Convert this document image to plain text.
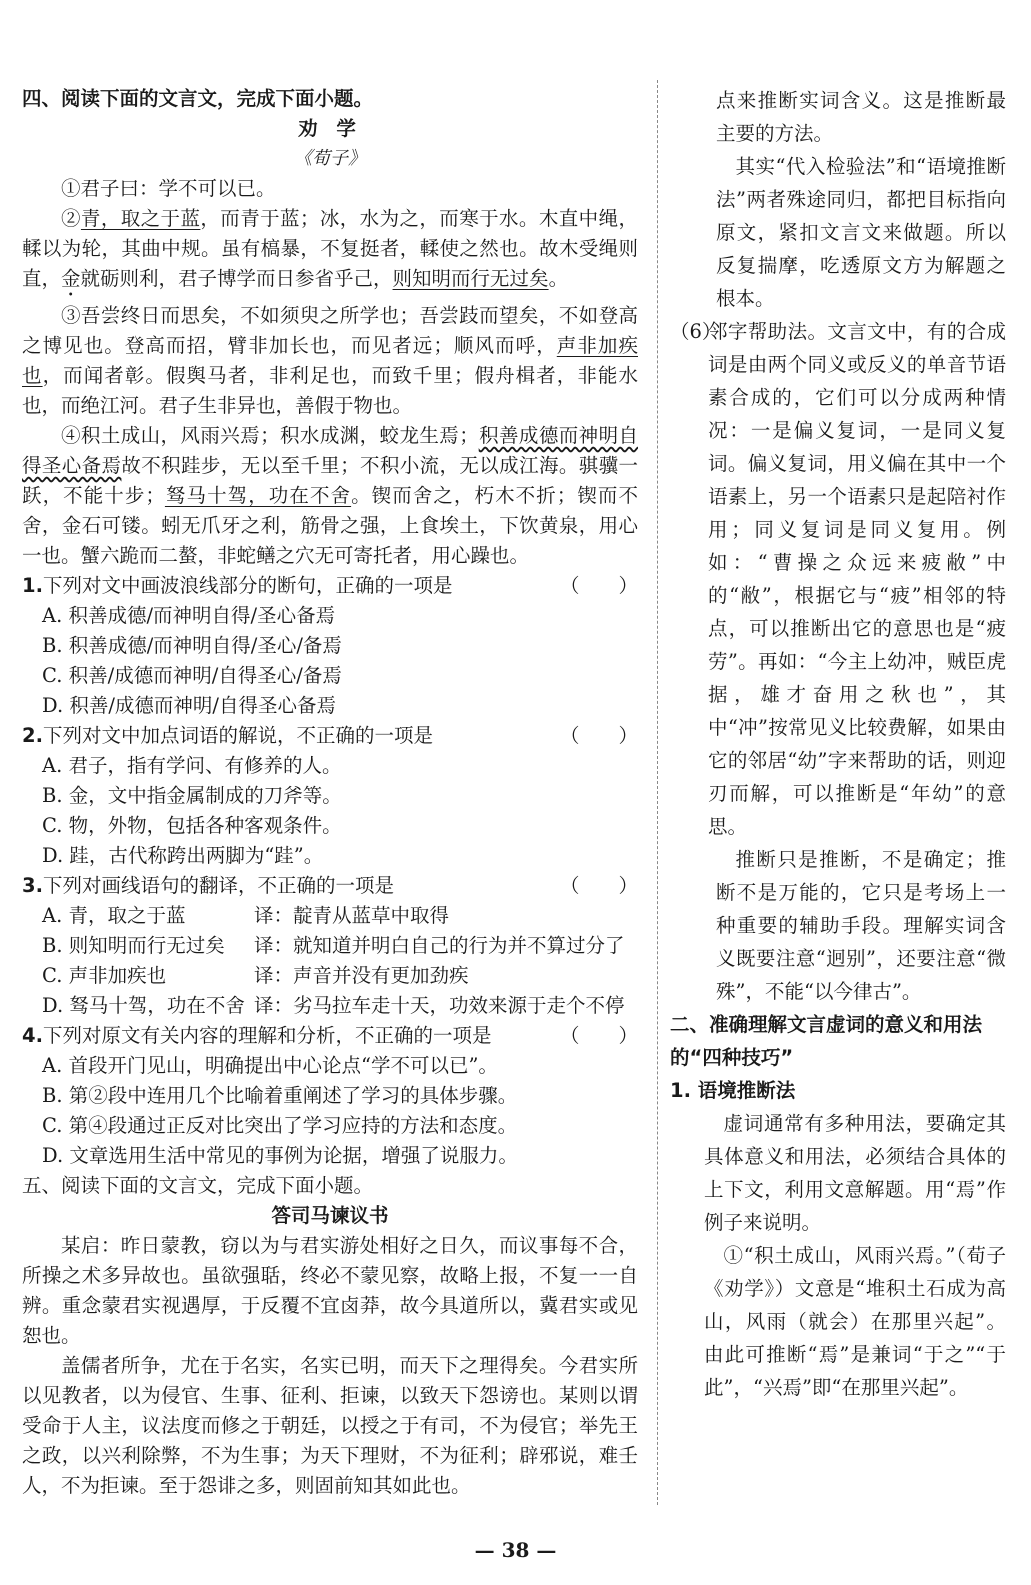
四、阅读下面的文言文，完成下面小题。

劝 学

《荀子》

①君子曰：学不可以已。

②青，取之于蓝，而青于蓝；冰，水为之，而寒于水。木直中绳，輮以为轮，其曲中规。虽有槁暴，不复挺者，輮使之然也。故木受绳则直，金就砺则利，君子博学而日参省乎己，则知明而行无过矣。

③吾尝终日而思矣，不如须臾之所学也；吾尝跂而望矣，不如登高之博见也。登高而招，臂非加长也，而见者远；顺风而呼，声非加疾也，而闻者彰。假舆马者，非利足也，而致千里；假舟楫者，非能水也，而绝江河。君子生非异也，善假于物也。

④积土成山，风雨兴焉；积水成渊，蛟龙生焉；积善成德而神明自得圣心备焉故不积跬步，无以至千里；不积小流，无以成江海。骐骥一跃，不能十步；驽马十驾，功在不舍。锲而舍之，朽木不折；锲而不舍，金石可镂。蚓无爪牙之利，筋骨之强，上食埃土，下饮黄泉，用心一也。蟹六跪而二螯，非蛇鳝之穴无可寄托者，用心躁也。

1.下列对文中画波浪线部分的断句，正确的一项是	（　　）

A. 积善成德/而神明自得/圣心备焉

B. 积善成德/而神明自得/圣心/备焉

C. 积善/成德而神明/自得圣心/备焉

D. 积善/成德而神明/自得圣心备焉

2.下列对文中加点词语的解说，不正确的一项是	（　　）

A. 君子，指有学问、有修养的人。

B. 金，文中指金属制成的刀斧等。

C. 物，外物，包括各种客观条件。

D. 跬，古代称跨出两脚为“跬”。

3.下列对画线语句的翻译，不正确的一项是	（　　）
A. 青，取之于蓝	译：靛青从蓝草中取得
B. 则知明而行无过矣	译：就知道并明白自己的行为并不算过分了
C. 声非加疾也	译：声音并没有更加劲疾
D. 驽马十驾，功在不舍 译：劣马拉车走十天，功效来源于走个不停
4.下列对原文有关内容的理解和分析，不正确的一项是	（　　）

A. 首段开门见山，明确提出中心论点“学不可以已”。

B. 第②段中连用几个比喻着重阐述了学习的具体步骤。

C. 第④段通过正反对比突出了学习应持的方法和态度。

D. 文章选用生活中常见的事例为论据，增强了说服力。

五、阅读下面的文言文，完成下面小题。

答司马谏议书

某启：昨日蒙教，窃以为与君实游处相好之日久，而议事每不合，所操之术多异故也。虽欲强聒，终必不蒙见察，故略上报，不复一一自辨。重念蒙君实视遇厚，于反覆不宜卤莽，故今具道所以，冀君实或见恕也。

盖儒者所争，尤在于名实，名实已明，而天下之理得矣。今君实所以见教者，以为侵官、生事、征利、拒谏，以致天下怨谤也。某则以谓受命于人主，议法度而修之于朝廷，以授之于有司，不为侵官；举先王之政，以兴利除弊，不为生事；为天下理财，不为征利；辟邪说，难壬人，不为拒谏。至于怨诽之多，则固前知其如此也。

点来推断实词含义。这是推断最主要的方法。

其实“代入检验法”和“语境推断法”两者殊途同归，都把目标指向原文，紧扣文言文来做题。所以反复揣摩，吃透原文方为解题之根本。

（6）

邻字帮助法。文言文中，有的合成词是由两个同义或反义的单音节语素合成的，它们可以分成两种情况：一是偏义复词，一是同义复词。偏义复词，用义偏在其中一个语素上，另一个语素只是起陪衬作用；同义复词是同义复用。例如：“曹操之众远来疲敝”中的“敝”，根据它与“疲”相邻的特点，可以推断出它的意思也是“疲劳”。再如：“今主上幼冲，贼臣虎据，雄才奋用之秋也”，其中“冲”按常见义比较费解，如果由它的邻居“幼”字来帮助的话，则迎刃而解，可以推断是“年幼”的意思。

推断只是推断，不是确定；推断不是万能的，它只是考场上一种重要的辅助手段。理解实词含义既要注意“迥别”，还要注意“微殊”，不能“以今律古”。

二、准确理解文言虚词的意义和用法的“四种技巧”

1. 语境推断法

虚词通常有多种用法，要确定其具体意义和用法，必须结合具体的上下文，利用文意解题。用“焉”作例子来说明。

①“积土成山，风雨兴焉。”（荀子《劝学》）文意是“堆积土石成为高山，风雨（就会）在那里兴起”。由此可推断“焉”是兼词“于之”“于此”，“兴焉”即“在那里兴起”。

— 38 —
